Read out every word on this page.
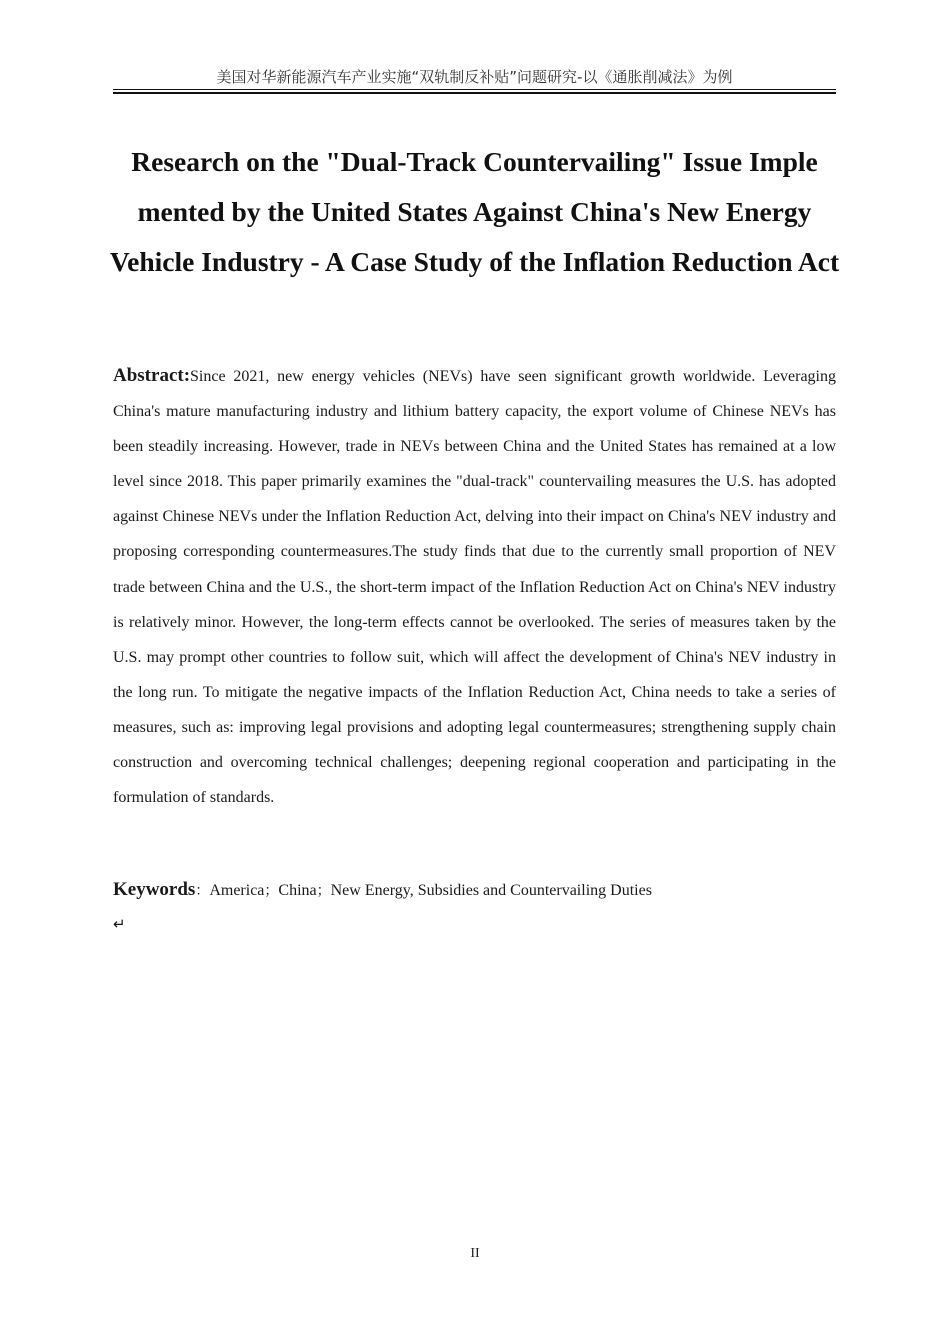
美国对华新能源汽车产业实施“双轨制反补贴”问题研究-以《通胀削减法》为例
Research on the "Dual-Track Countervailing" Issue Imple mented by the United States Against China's New Energy Vehicle Industry - A Case Study of the Inflation Reduction Act

Abstract:Since 2021, new energy vehicles (NEVs) have seen significant growth worldwide. Leveraging China's mature manufacturing industry and lithium battery capacity, the export volume of Chinese NEVs has been steadily increasing. However, trade in NEVs between China and the United States has remained at a low level since 2018. This paper primarily examines the "dual-track" countervailing measures the U.S. has adopted against Chinese NEVs under the Inflation Reduction Act, delving into their impact on China's NEV industry and proposing corresponding countermeasures.The study finds that due to the currently small proportion of NEV trade between China and the U.S., the short-term impact of the Inflation Reduction Act on China's NEV industry is relatively minor. However, the long-term effects cannot be overlooked. The series of measures taken by the U.S. may prompt other countries to follow suit, which will affect the development of China's NEV industry in the long run. To mitigate the negative impacts of the Inflation Reduction Act, China needs to take a series of measures, such as: improving legal provisions and adopting legal countermeasures; strengthening supply chain construction and overcoming technical challenges; deepening regional cooperation and participating in the formulation of standards.

Keywords：America；China；New Energy, Subsidies and Countervailing Duties

↵
II
